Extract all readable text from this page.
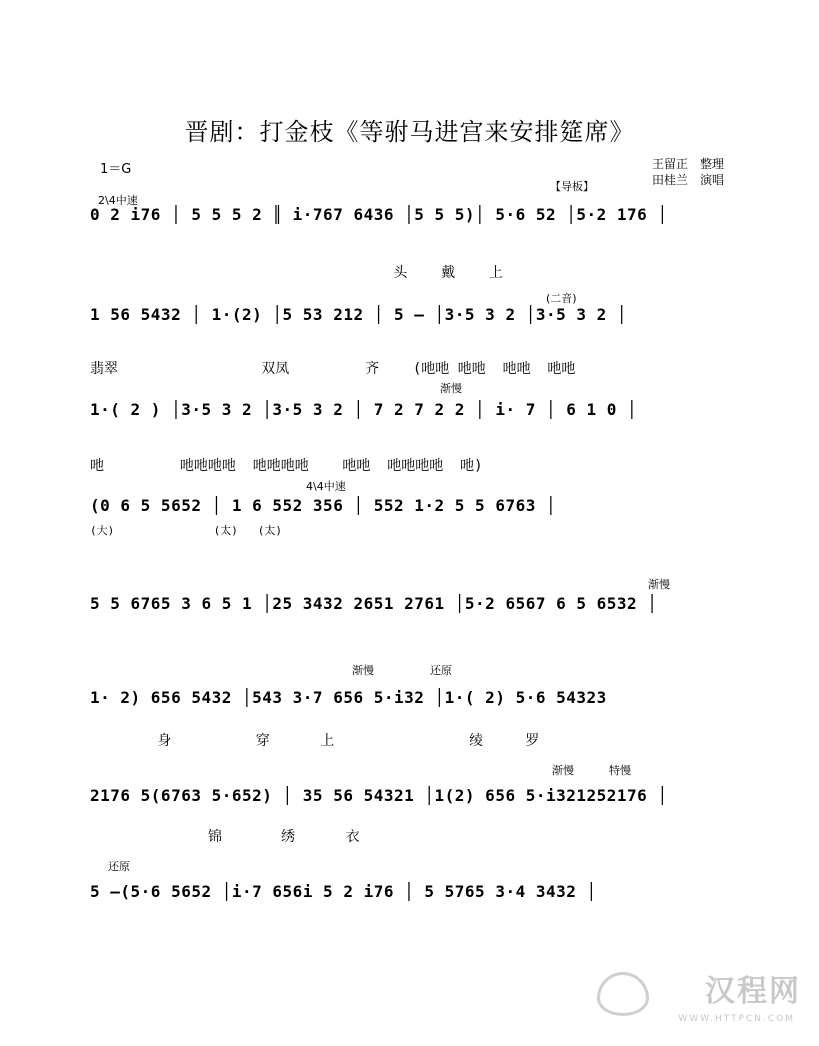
晋剧：打金枝《等驸马进宫来安排筵席》
1＝G	王留正　整理
田桂兰　演唱
2\4中速
【导板】
0 2 i76 │ 5 5 5 2 ║ i·767 6436 │5 5 5)│ 5·6 52 │5·2 176 │
头    戴    上
(二音)
1 56 5432 │ 1·(2) │5 53 212 │ 5 – │3·5 3 2 │3·5 3 2 │
翡翠                 双凤         齐    (吔吔 吔吔  吔吔  吔吔
渐慢
1·( 2 ) │3·5 3 2 │3·5 3 2 │ 7 2 7 2 2 │ i· 7 │ 6 1 0 │
吔         吔吔吔吔  吔吔吔吔    吔吔  吔吔吔吔  吔)
4\4中速
(0 6 5 5652 │ 1 6 552 356 │ 552 1·2 5 5 6763 │
(大)               (太)   (太)
渐慢
5 5 6765 3 6 5 1 │25 3432 2651 2761 │5·2 6567 6 5 6532 │
渐慢                还原
1· 2) 656 5432 │543 3·7 656 5·i32 │1·( 2) 5·6 54323
身          穿      上                绫     罗
渐慢          特慢
2176 5(6763 5·652) │ 35 56 54321 │1(2) 656 5·i321252176 │
锦       绣      衣
还原
5 –(5·6 5652 │i·7 656i 5 2 i76 │ 5 5765 3·4 3432 │
汉程网
WWW.HTTPCN.COM
